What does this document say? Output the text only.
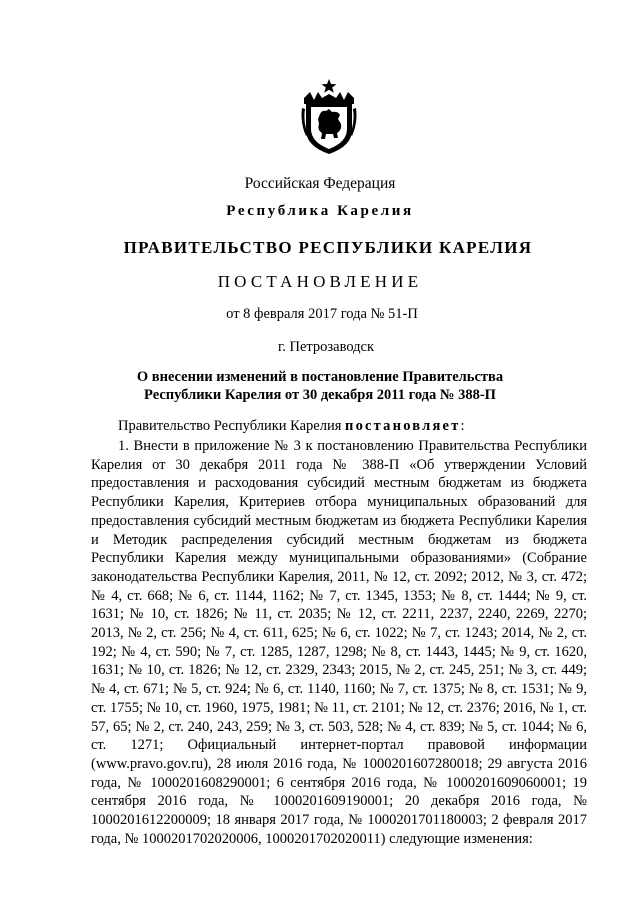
Российская Федерация
Республика Карелия
ПРАВИТЕЛЬСТВО РЕСПУБЛИКИ КАРЕЛИЯ
ПОСТАНОВЛЕНИЕ
от 8 февраля 2017 года № 51-П
г. Петрозаводск
О внесении изменений в постановление Правительства
Республики Карелия от 30 декабря 2011 года № 388-П
Правительство Республики Карелия постановляет:

1. Внести в приложение № 3 к постановлению Правительства Республики Карелия от 30 декабря 2011 года № 388-П «Об утверждении Условий предоставления и расходования субсидий местным бюджетам из бюджета Республики Карелия, Критериев отбора муниципальных образований для предоставления субсидий местным бюджетам из бюджета Республики Карелия и Методик распределения субсидий местным бюджетам из бюджета Республики Карелия между муниципальными образованиями» (Собрание законодательства Республики Карелия, 2011, № 12, ст. 2092; 2012, № 3, ст. 472; № 4, ст. 668; № 6, ст. 1144, 1162; № 7, ст. 1345, 1353; № 8, ст. 1444; № 9, ст. 1631; № 10, ст. 1826; № 11, ст. 2035; № 12, ст. 2211, 2237, 2240, 2269, 2270; 2013, № 2, ст. 256; № 4, ст. 611, 625; № 6, ст. 1022; № 7, ст. 1243; 2014, № 2, ст. 192; № 4, ст. 590; № 7, ст. 1285, 1287, 1298; № 8, ст. 1443, 1445; № 9, ст. 1620, 1631; № 10, ст. 1826; № 12, ст. 2329, 2343; 2015, № 2, ст. 245, 251; № 3, ст. 449; № 4, ст. 671; № 5, ст. 924; № 6, ст. 1140, 1160; № 7, ст. 1375; № 8, ст. 1531; № 9, ст. 1755; № 10, ст. 1960, 1975, 1981; № 11, ст. 2101; № 12, ст. 2376; 2016, № 1, ст. 57, 65; № 2, ст. 240, 243, 259; № 3, ст. 503, 528; № 4, ст. 839; № 5, ст. 1044; № 6, ст. 1271; Официальный интернет-портал правовой информации (www.pravo.gov.ru), 28 июля 2016 года, № 1000201607280018; 29 августа 2016 года, № 1000201608290001; 6 сентября 2016 года, № 1000201609060001; 19 сентября 2016 года, № 1000201609190001; 20 декабря 2016 года, № 1000201612200009; 18 января 2017 года, № 1000201701180003; 2 февраля 2017 года, № 1000201702020006, 1000201702020011) следующие изменения:
